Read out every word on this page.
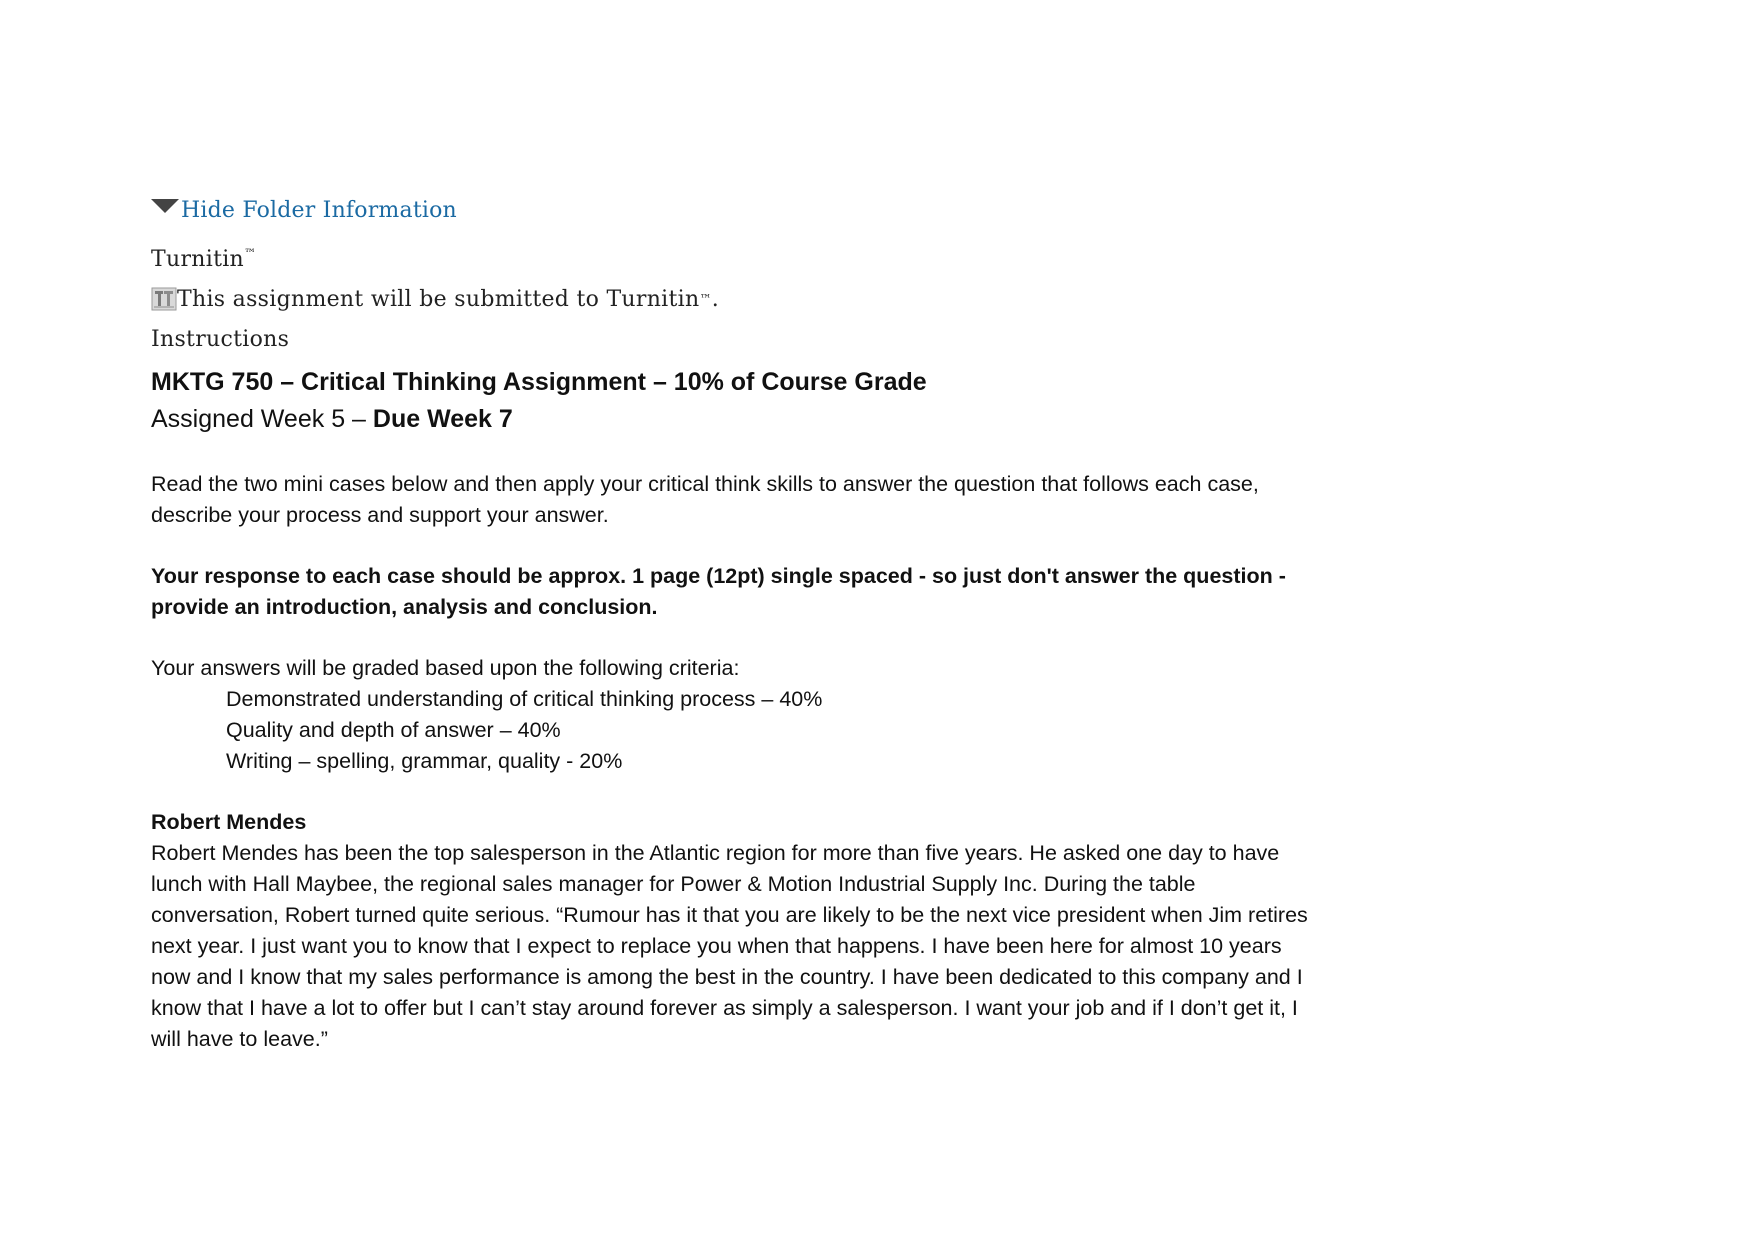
Hide Folder Information
Turnitin™
This assignment will be submitted to Turnitin ™ .
Instructions
MKTG 750 – Critical Thinking Assignment – 10% of Course Grade
Assigned Week 5 – Due Week 7
Read the two mini cases below and then apply your critical think skills to answer the question that follows each case, describe your process and support your answer.
Your response to each case should be approx. 1 page (12pt) single spaced - so just don't answer the question - provide an introduction, analysis and conclusion.
Your answers will be graded based upon the following criteria:
Demonstrated understanding of critical thinking process – 40%
Quality and depth of answer – 40%
Writing – spelling, grammar, quality - 20%
Robert Mendes
Robert Mendes has been the top salesperson in the Atlantic region for more than five years. He asked one day to have lunch with Hall Maybee, the regional sales manager for Power & Motion Industrial Supply Inc. During the table conversation, Robert turned quite serious. “Rumour has it that you are likely to be the next vice president when Jim retires next year. I just want you to know that I expect to replace you when that happens. I have been here for almost 10 years now and I know that my sales performance is among the best in the country. I have been dedicated to this company and I know that I have a lot to offer but I can’t stay around forever as simply a salesperson. I want your job and if I don’t get it, I will have to leave.”
